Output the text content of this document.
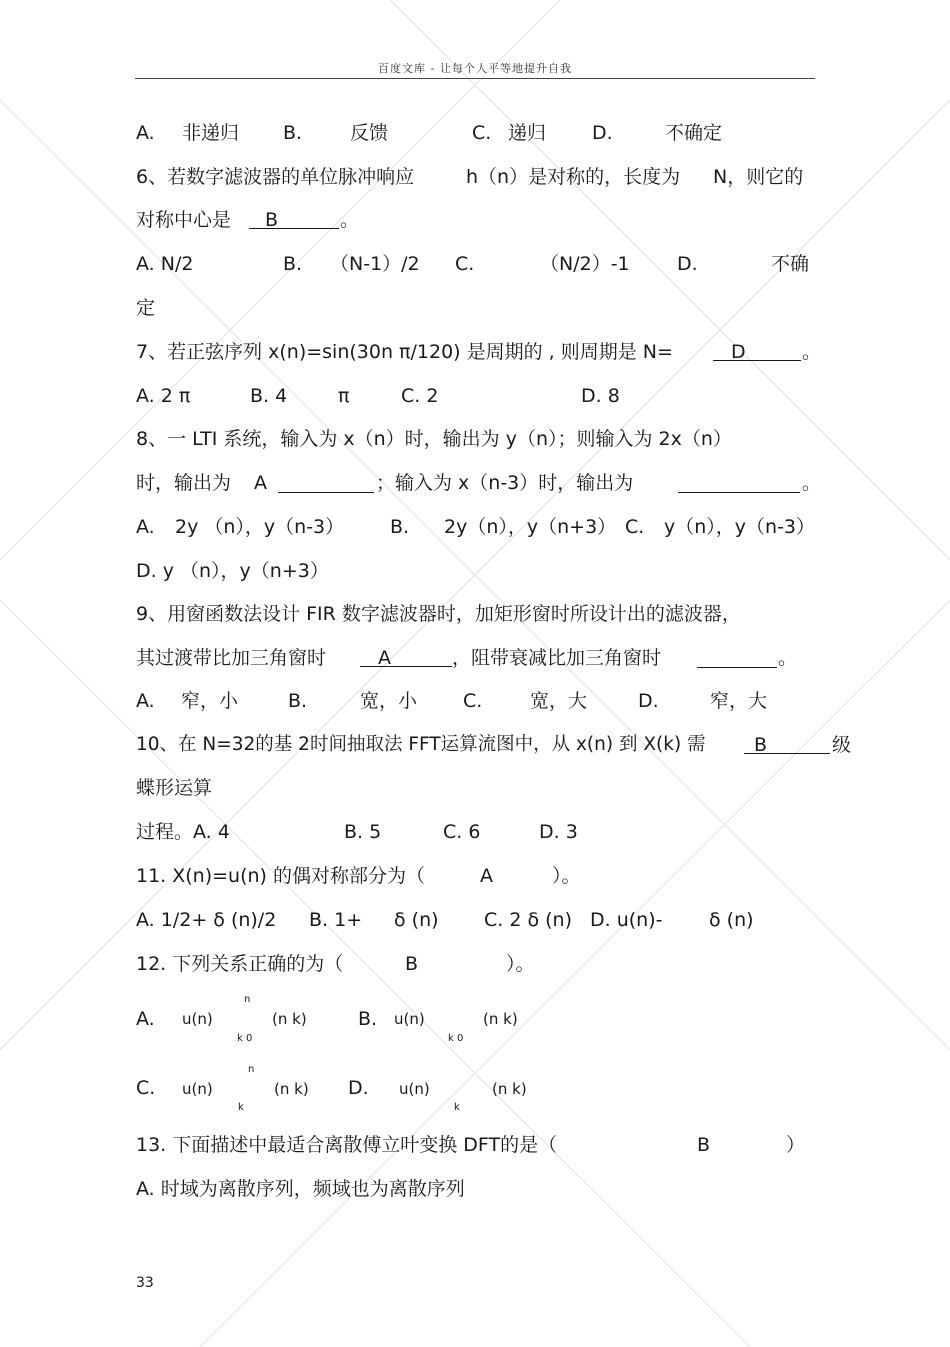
百度文库 - 让每个人平等地提升自我
A. 非递归 B.	反馈	C. 递归 D.	不确定
6、若数字滤波器的单位脉冲响应	h（n）是对称的，长度为 N，则它的
对称中心是	B	。
A. N/2	B. （N-1）/2 C.	（N/2）-1 D.	不确
定
7、若正弦序列 x(n)=sin(30n π/120) 是周期的 , 则周期是 N=	D	。
A. 2 π	B. 4	π	C. 2	D. 8
8、一 LTI 系统，输入为 x（n）时，输出为 y（n）；则输入为 2x（n）
时，输出为 A	；输入为 x（n-3）时，输出为	。
A. 2y （n），y（n-3） B. 2y（n），y（n+3） C. y（n），y（n-3）
D. y （n），y（n+3）
9、用窗函数法设计 FIR 数字滤波器时，加矩形窗时所设计出的滤波器，
其过渡带比加三角窗时	A	，阻带衰减比加三角窗时	。
A. 窄，小	B.	宽，小 C.	宽，大	D.	窄，大
10、在 N=32的基 2时间抽取法 FFT运算流图中，从 x(n) 到 X(k) 需	B	级
蝶形运算
过程。A. 4	B. 5	C. 6	D. 3
11. X(n)=u(n) 的偶对称部分为（	A	）。
A. 1/2+ δ (n)/2 B. 1+ δ (n) C. 2 δ (n) D. u(n)- δ (n)
12. 下列关系正确的为（	B	）。
A. u(n)
n
k 0
(n k)	B. u(n)
k 0
(n k)
C. u(n)
n
k
(n k) D. u(n)
k
(n k)
13. 下面描述中最适合离散傅立叶变换 DFT的是（	B	）
A. 时域为离散序列，频域也为离散序列
33
